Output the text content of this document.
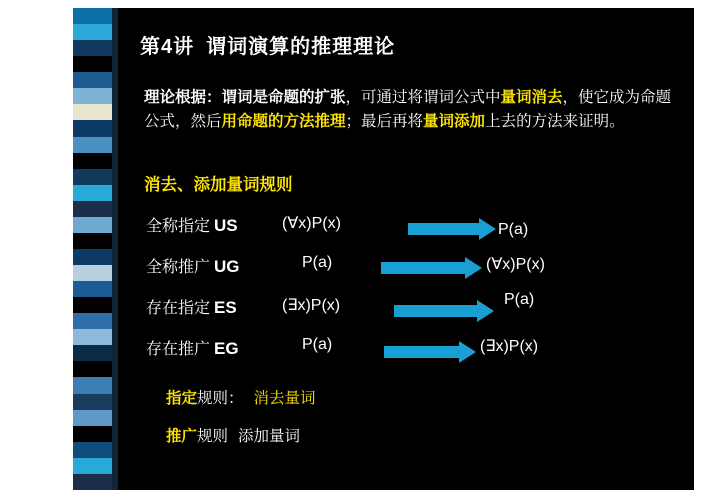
第4讲 谓词演算的推理理论
理论根据：谓词是命题的扩张，可通过将谓词公式中量词消去，使它成为命题公式，然后用命题的方法推理；最后再将量词添加上去的方法来证明。
消去、添加量词规则
全称指定 US	(∀x)P(x)	P(a)
全称推广 UG	P(a)	(∀x)P(x)
存在指定 ES	(∃x)P(x)	P(a)
存在推广 EG	P(a)	(∃x)P(x)
指定规则： 消去量词
推广规则 添加量词
